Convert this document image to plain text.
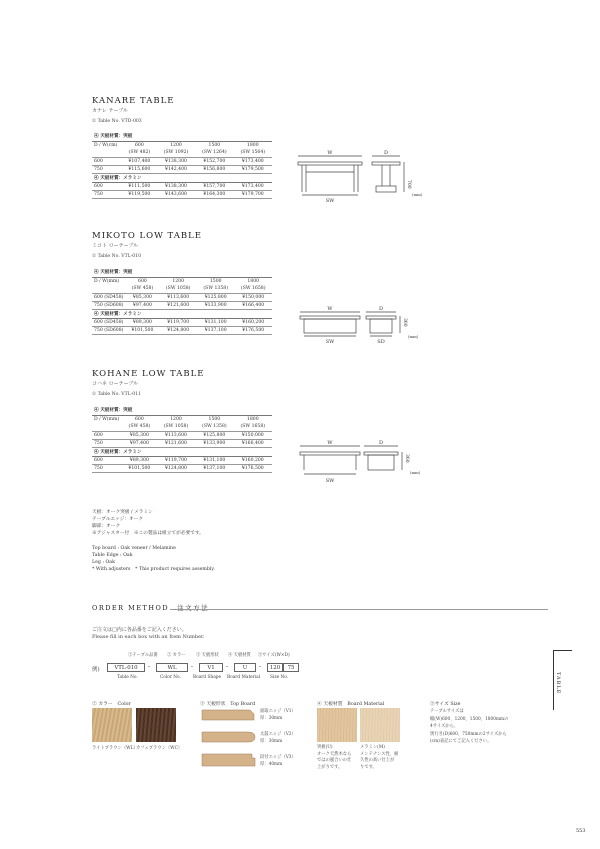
KANARE TABLE
カナレ テーブル
① Table No. VTD-003
④ 天板材質：突板				
D / W(cm)	600	1200	1500	1800
	(SW 482)	(SW 1092)	(SW 1264)	(SW 1564)
600	¥107,400	¥138,300	¥152,700	¥173,400
750	¥115,600	¥142,400	¥156,800	¥179,500
④ 天板材質：メラミン				
600	¥111,500	¥138,300	¥157,700	¥173,400
750	¥119,500	¥143,600	¥164,300	¥179,700
W	D
SW
700
(mm)
MIKOTO LOW TABLE
ミコト ローテーブル
① Table No. VTL-010
④ 天板材質：突板				
D / W(mm)	600	1200	1500	1800
	(SW 458)	(SW 1058)	(SW 1358)	(SW 1658)
600 (SD458)	¥85,300	¥113,600	¥125,800	¥150,000
750 (SD608)	¥97,400	¥121,600	¥133,900	¥166,400
④ 天板材質：メラミン				
600 (SD458)	¥89,300	¥119,700	¥131,100	¥160,200
750 (SD608)	¥101,500	¥124,800	¥137,100	¥176,500
W	D
SW	SD
360
(mm)
KOHANE LOW TABLE
コハネ ローテーブル
① Table No. VTL-011
④ 天板材質：突板				
D / W(mm)	600	1200	1500	1800
	(SW 458)	(SW 1058)	(SW 1358)	(SW 1658)
600	¥85,300	¥113,600	¥125,800	¥150,000
750	¥97,400	¥121,600	¥133,900	¥166,400
④ 天板材質：メラミン				
600	¥89,300	¥119,700	¥131,100	¥160,200
750	¥101,500	¥124,800	¥137,100	¥176,500
W	D
SW
360
(mm)
天板：オーク突板 / メラミン
テーブルエッジ：オーク
脚部：オーク
※アジャスター付　※この製品は組立てが必要です。
Top board : Oak veneer / Melamine
Table Edge : Oak
Leg : Oak
* With adjusters　* This product requires assembly.
ORDER METHOD　注文方法
ご注文は□内に各品番をご記入ください。
Please fill in each box with an Item Number.
①テーブル品番 ② カラー ③ 天板形状 ④ 天板材質 ⑤サイズ(W×D)
例)	VTL-010	-	WL	-	V1	-	U	-	120	75
Table No.	Color No.	Board Shape Board Material Size No.
② カラー　Color
ライトブラウン（WL）
カフェブラウン（WC）
③ 天板形状　Top Board
面取エッジ（V1）
厚：30mm
太鼓エッジ（V2）
厚：30mm
段付エッジ（V3）
厚：40mm
④ 天板材質　Board Material
突板(U)
オーク天然木なら
ではの風合いの仕
上がりです。
メラミン(M)
メンテナンス性、耐
久性の高い仕上が
りです。
⑤サイズ Size
テーブルサイズは
幅(W)600、1200、1500、1800mmの
4サイズから、
奥行き(D)600、750mmの2サイズから
(cm)表記にてご記入ください。
TABLE
553
